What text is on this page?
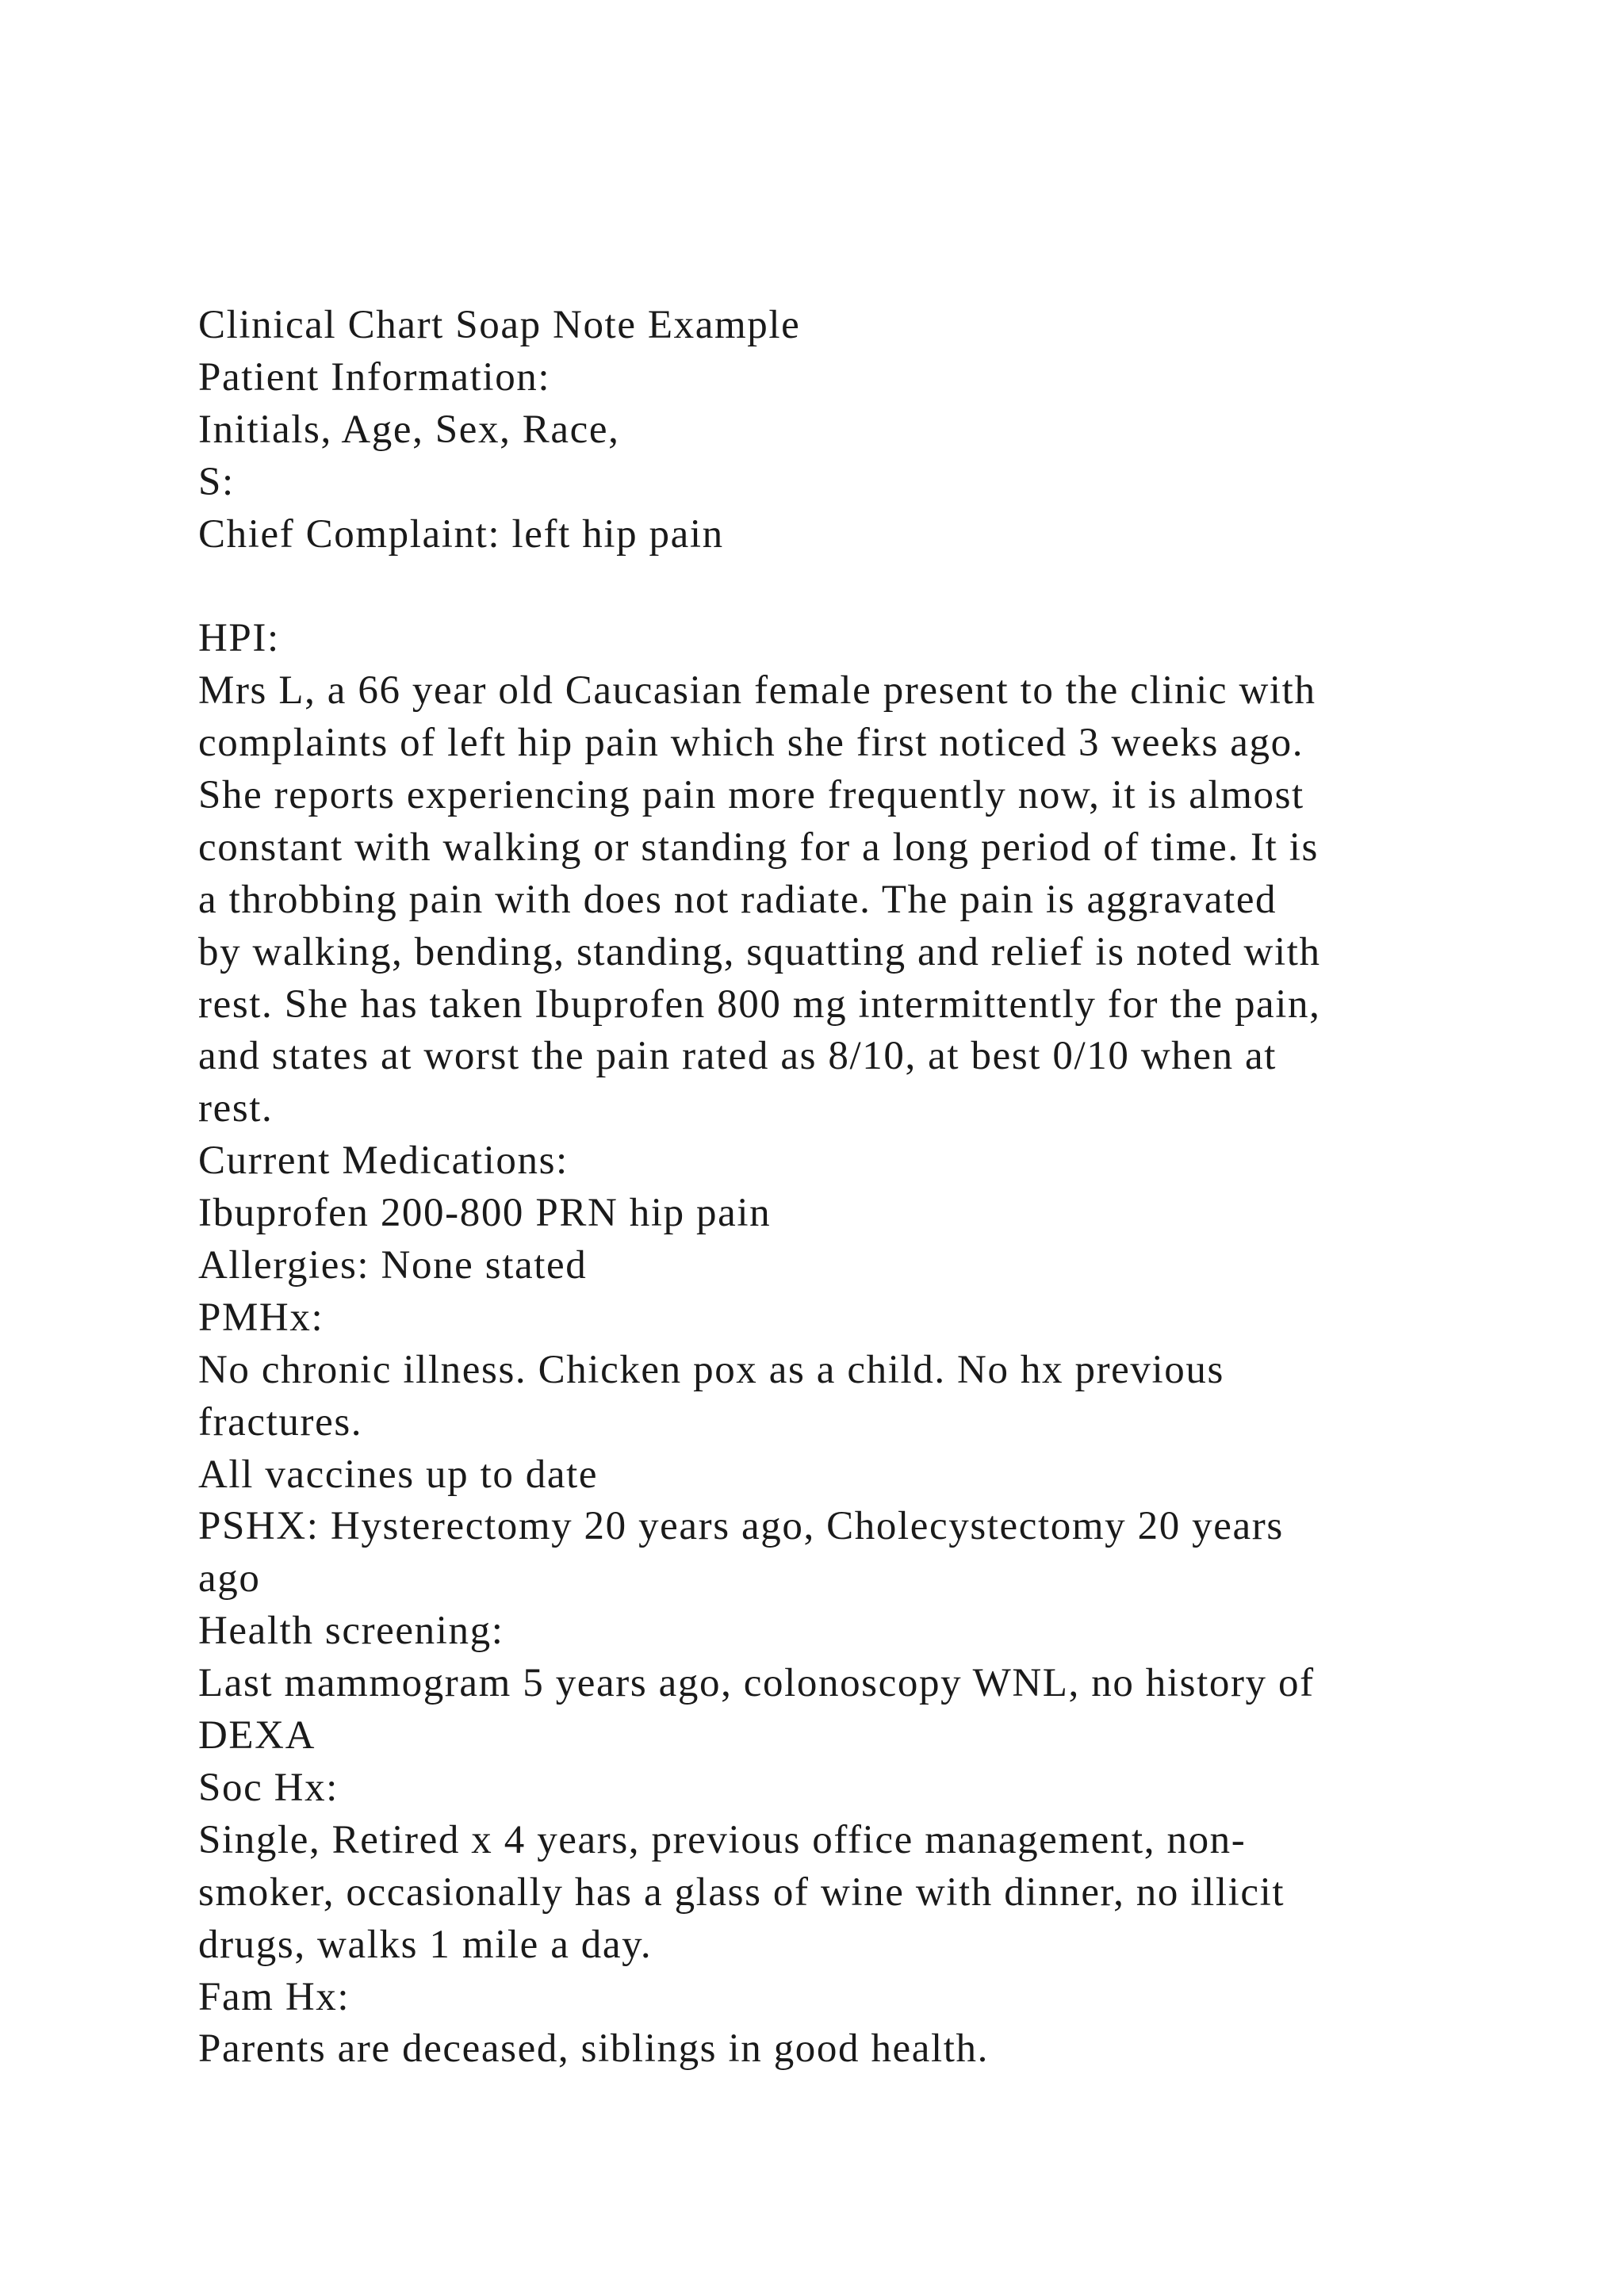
Clinical Chart Soap Note Example
Patient Information:
Initials, Age, Sex, Race,
S:
Chief Complaint: left hip pain
HPI:
Mrs L, a 66 year old Caucasian female present to the clinic with
complaints of left hip pain which she first noticed 3 weeks ago.
She reports experiencing pain more frequently now, it is almost
constant with walking or standing for a long period of time. It is
a throbbing pain with does not radiate. The pain is aggravated
by walking, bending, standing, squatting and relief is noted with
rest. She has taken Ibuprofen 800 mg intermittently for the pain,
and states at worst the pain rated as 8/10, at best 0/10 when at
rest.
Current Medications:
Ibuprofen 200-800 PRN hip pain
Allergies: None stated
PMHx:
No chronic illness. Chicken pox as a child. No hx previous
fractures.
All vaccines up to date
PSHX: Hysterectomy 20 years ago, Cholecystectomy 20 years
ago
Health screening:
Last mammogram 5 years ago, colonoscopy WNL, no history of
DEXA
Soc Hx:
Single, Retired x 4 years, previous office management, non-
smoker, occasionally has a glass of wine with dinner, no illicit
drugs, walks 1 mile a day.
Fam Hx:
Parents are deceased, siblings in good health.
